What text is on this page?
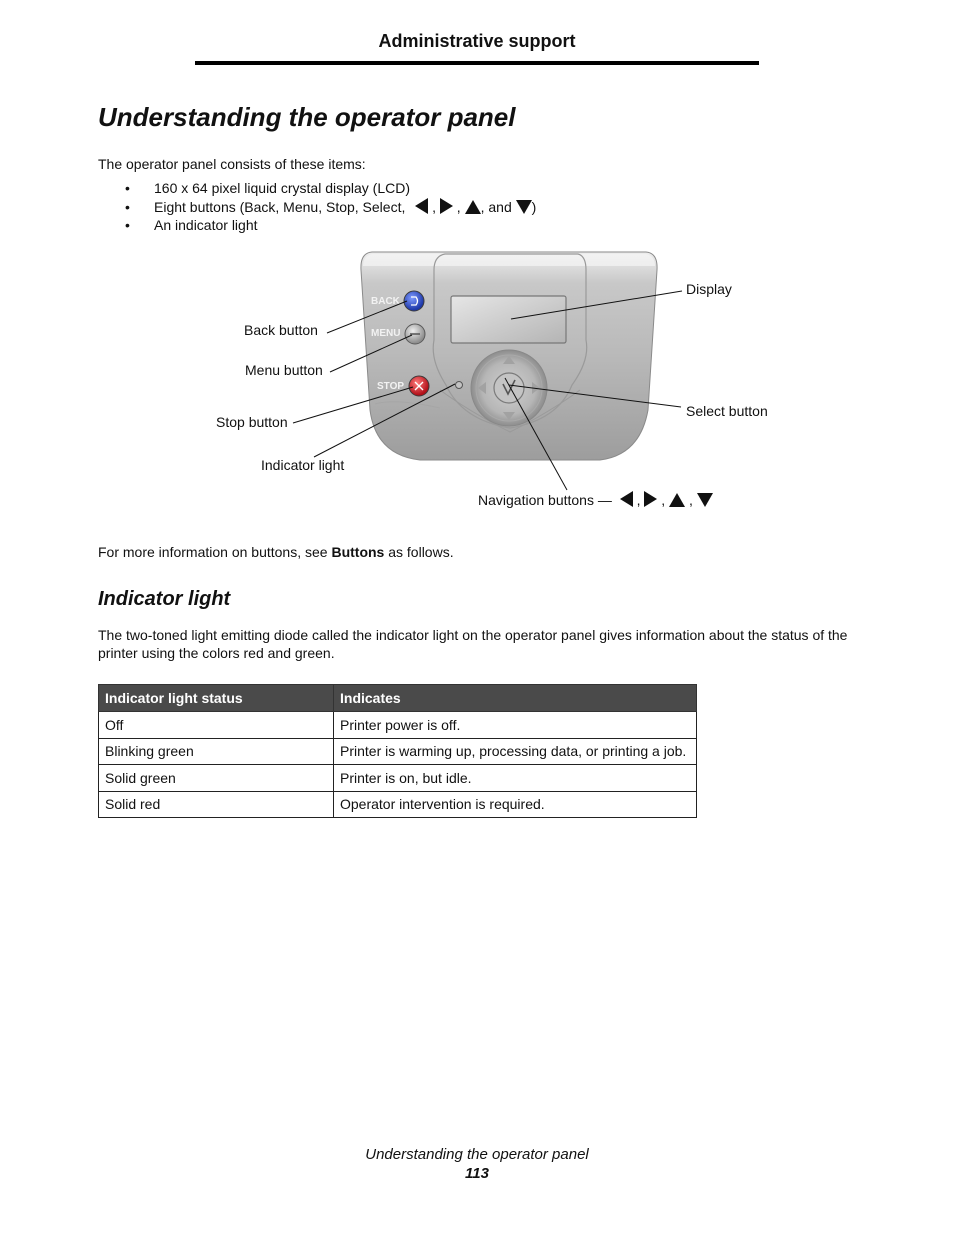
Administrative support
Understanding the operator panel
The operator panel consists of these items:
• 160 x 64 pixel liquid crystal display (LCD)
• Eight buttons (Back, Menu, Stop, Select,  ,  , , and )
• An indicator light
BACK
MENU
STOP
Display
Back button
Menu button
Stop button
Select button
Indicator light
Navigation buttons —  ,  ,  ,
For more information on buttons, see Buttons as follows.
Indicator light
The two-toned light emitting diode called the indicator light on the operator panel gives information about the status of the printer using the colors red and green.
Indicator light status	Indicates
Off	Printer power is off.
Blinking green	Printer is warming up, processing data, or printing a job.
Solid green	Printer is on, but idle.
Solid red	Operator intervention is required.
Understanding the operator panel
113
